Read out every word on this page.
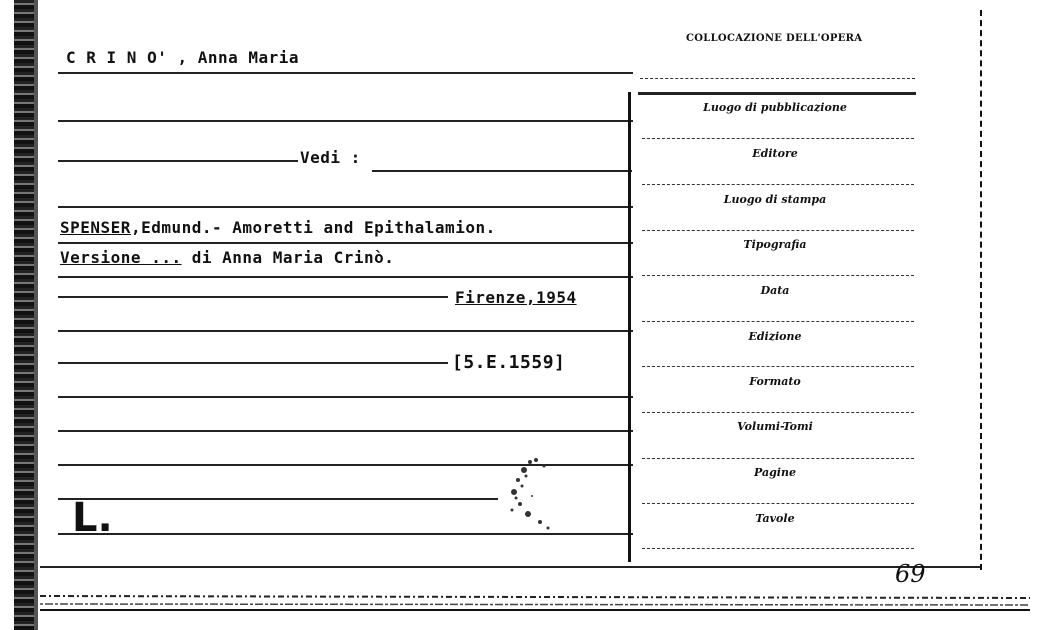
C R I N O' , Anna Maria
COLLOCAZIONE DELL'OPERA
Vedi :
SPENSER,Edmund.- Amoretti and Epithalamion.
Versione ... di Anna Maria Crinò.
Firenze,1954
[5.E.1559]
Luogo di pubblicazione
Editore
Luogo di stampa
Tipografia
Data
Edizione
Formato
Volumi-Tomi
Pagine
Tavole
L.
69
